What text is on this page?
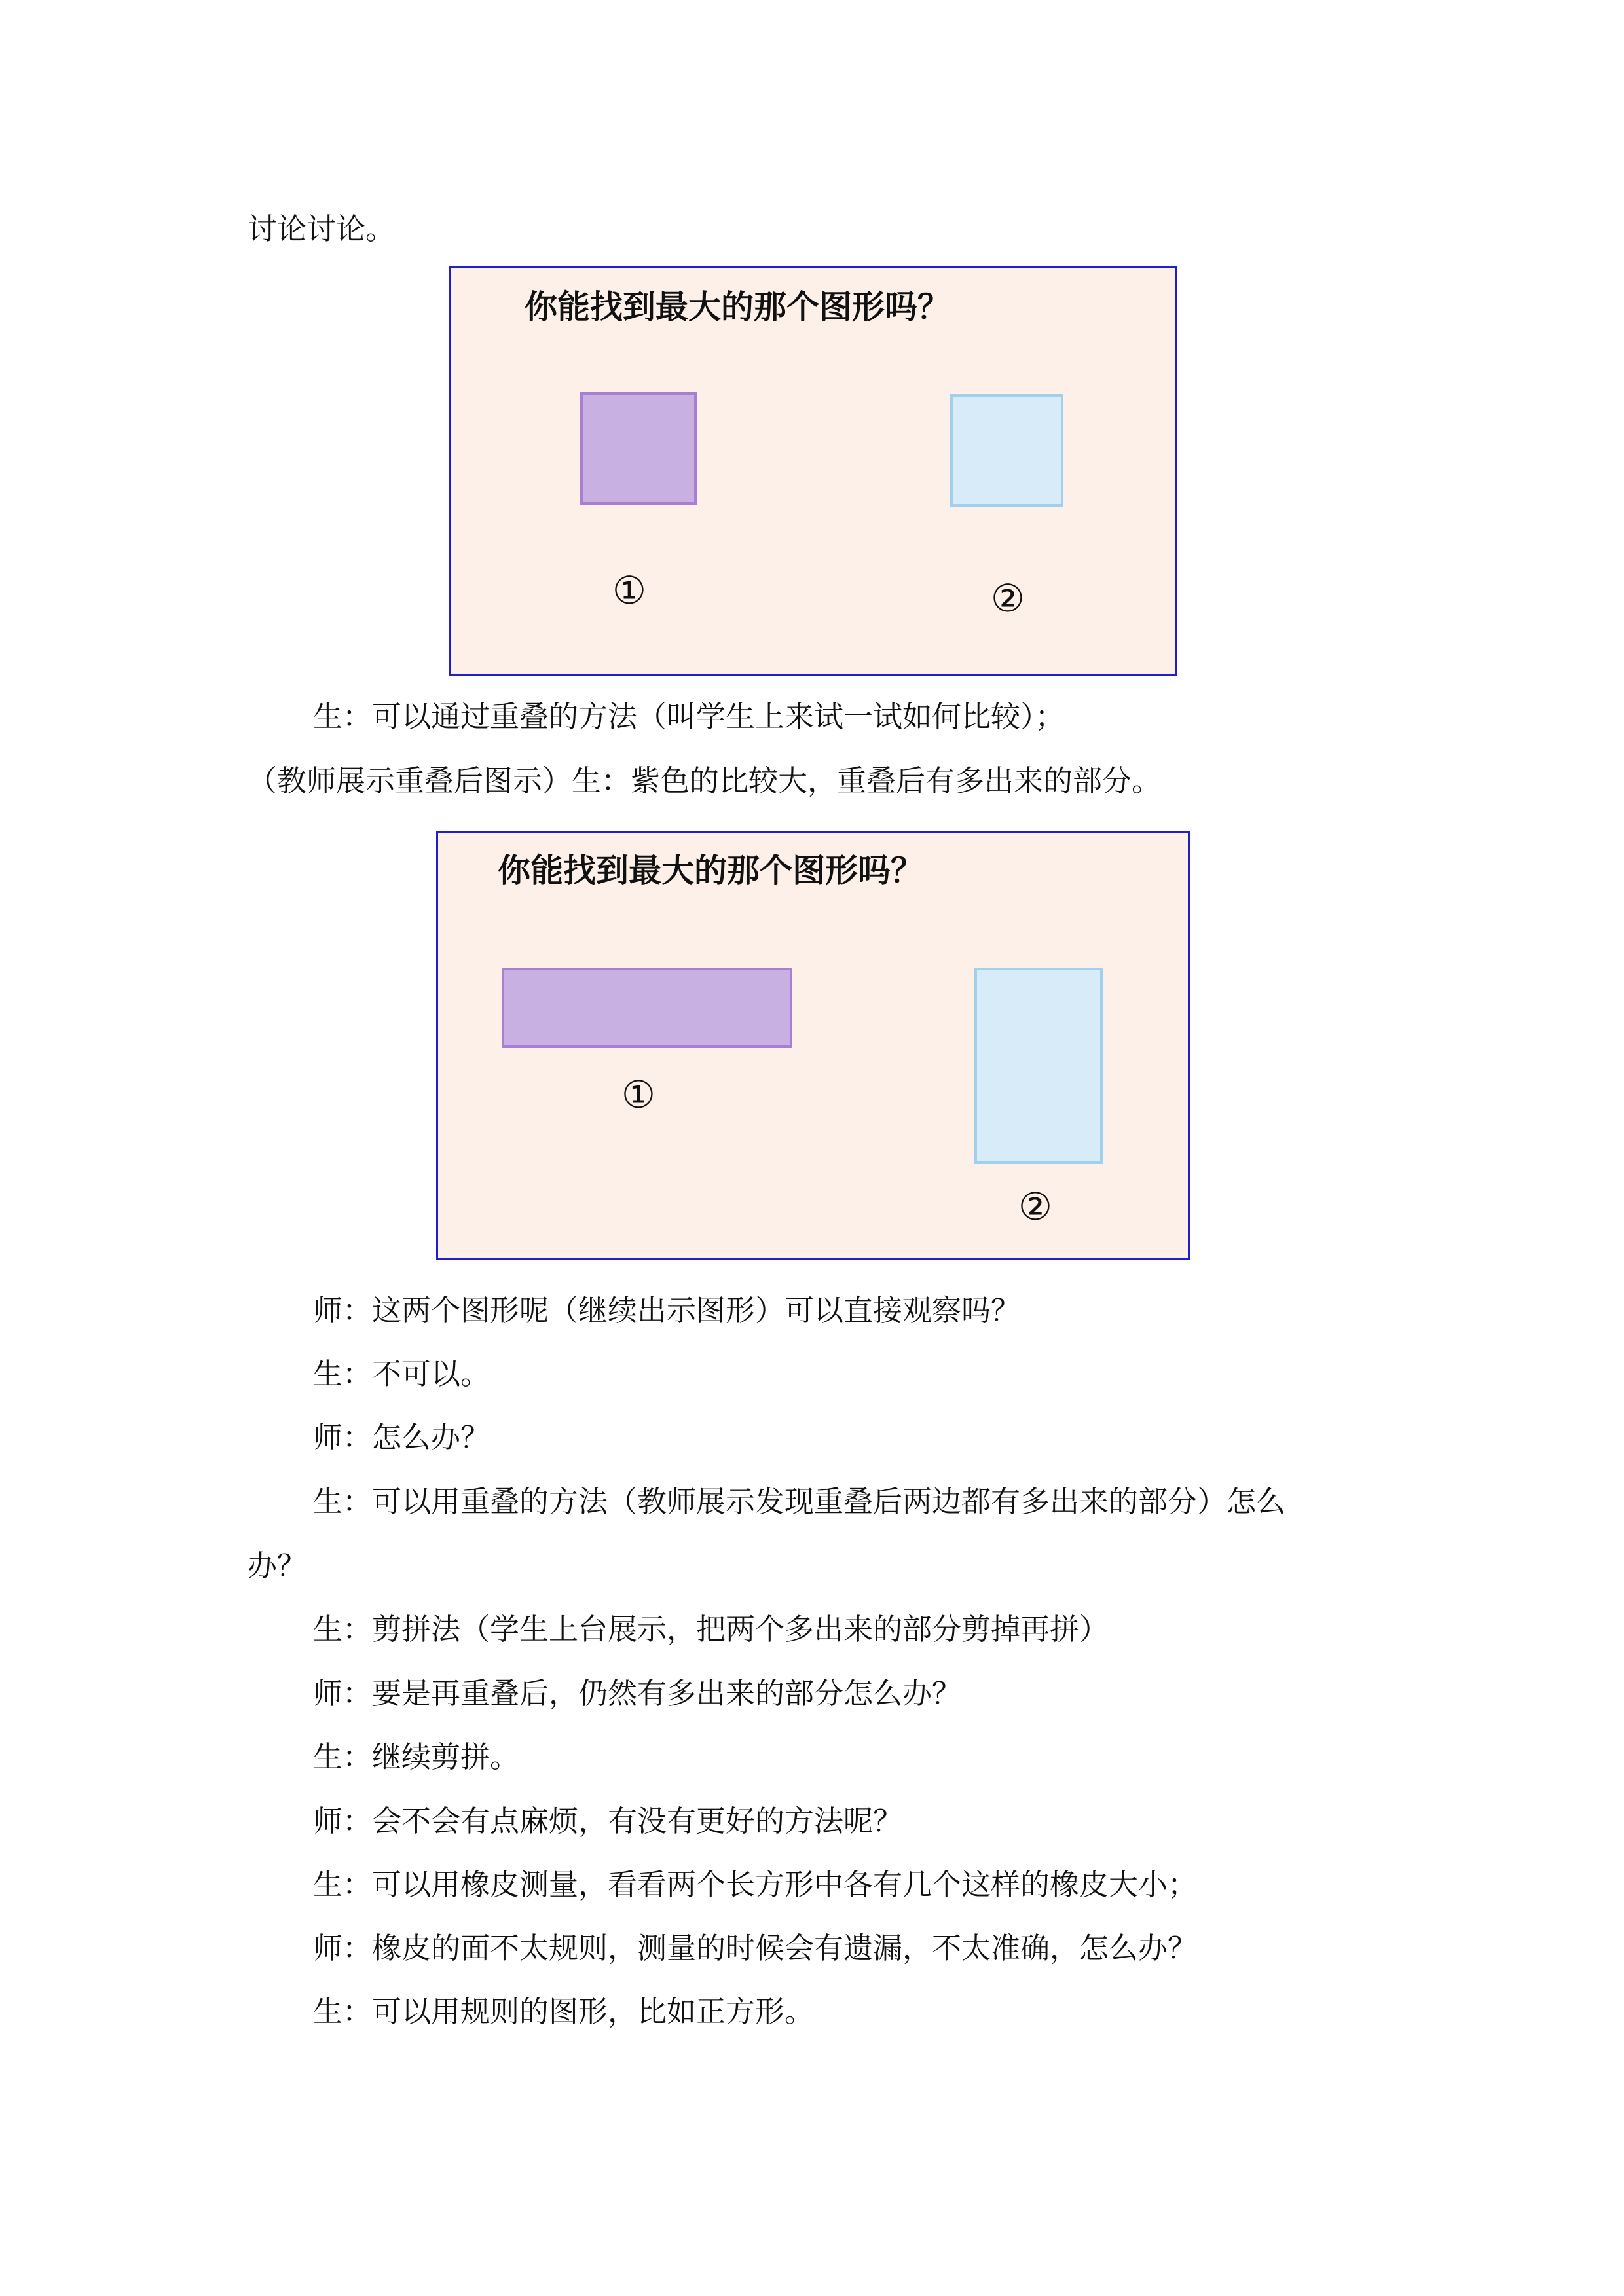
讨论讨论。
你能找到最大的那个图形吗？
①	②
生：可以通过重叠的方法（叫学生上来试一试如何比较）；
（教师展示重叠后图示）生：紫色的比较大，重叠后有多出来的部分。
你能找到最大的那个图形吗？
①
②
师：这两个图形呢（继续出示图形）可以直接观察吗？
生：不可以。
师：怎么办？
生：可以用重叠的方法（教师展示发现重叠后两边都有多出来的部分）怎么
办？
生：剪拼法（学生上台展示，把两个多出来的部分剪掉再拼）
师：要是再重叠后，仍然有多出来的部分怎么办？
生：继续剪拼。
师：会不会有点麻烦，有没有更好的方法呢？
生：可以用橡皮测量，看看两个长方形中各有几个这样的橡皮大小；
师：橡皮的面不太规则，测量的时候会有遗漏，不太准确，怎么办？
生：可以用规则的图形，比如正方形。
